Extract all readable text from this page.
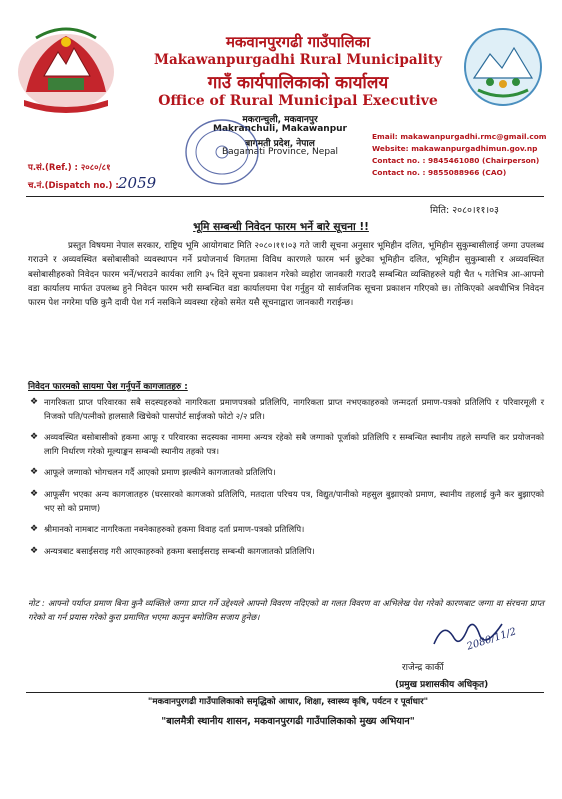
मकवानपुरगढी गाउँपालिका
Makawanpurgadhi Rural Municipality
गाउँ कार्यपालिकाको कार्यालय
Office of Rural Municipal Executive
मकरान्चुली, मकवानपुर
Makranchuli, Makawanpur
बागमती प्रदेश, नेपाल
Bagamati Province, Nepal
Email: makawanpurgadhi.rmc@gmail.com
Website: makawanpurgadhimun.gov.np
Contact no. : 9845461080 (Chairperson)
Contact no. : 9855088966 (CAO)
प.सं.(Ref.) : २०८०/८१
च.नं.(Dispatch no.) : 2059
मिति: २०८०।११।०३
भूमि सम्बन्धी निवेदन फारम भर्ने बारे सूचना !!
प्रस्तुत विषयमा नेपाल सरकार, राष्ट्रिय भूमि आयोगबाट मिति २०८०।११।०३ गते जारी सूचना अनुसार भूमिहीन दलित, भूमिहीन सुकुम्बासीलाई जग्गा उपलब्ध गराउने र अव्यवस्थित बसोबासीको व्यवस्थापन गर्ने प्रयोजनार्थ विगतमा विविध कारणले फारम भर्न छुटेका भूमिहीन दलित, भूमिहीन सुकुम्बासी र अव्यवस्थित बसोबासीहरुको निवेदन फारम भर्ने/भराउने कार्यका लागि ३५ दिने सूचना प्रकाशन गरेको व्यहोरा जानकारी गराउदै सम्बन्धित व्यक्तिहरुले यही चैत ५ गतेभित्र आ-आफ्नो वडा कार्यालय मार्फत उपलब्ध हुने निवेदन फारम भरी सम्बन्धित वडा कार्यालयमा पेश गर्नुहुन यो सार्वजनिक सूचना प्रकाशन गरिएको छ। तोकिएको अवधीभित्र निवेदन फारम पेश नगरेमा पछि कुनै दावी पेश गर्न नसकिने व्यवस्था रहेको समेत यसै सूचनाद्वारा जानकारी गराईन्छ।
निवेदन फारमको सायमा पेश गर्नुपर्ने कागजातहरु :
❖ नागरिकता प्राप्त परिवारका सबै सदस्यहरुको नागरिकता प्रमाणपत्रको प्रतिलिपि, नागरिकता प्राप्त नभएकाहरुको जन्मदर्ता प्रमाण-पत्रको प्रतिलिपि र परिवारमूली र निजको पति/पत्नीको हालसालै खिचेको पासपोर्ट साईजको फोटो २/२ प्रति।
❖ अव्यवस्थित बसोबासीको हकमा आफू र परिवारका सदस्यका नाममा अन्यत्र रहेको सबै जग्गाको पूर्जाको प्रतिलिपि र सम्बन्धित स्थानीय तहले सम्पत्ति कर प्रयोजनको लागि निर्धारण गरेको मूल्याङ्कन सम्बन्धी स्थानीय तहको पत्र।
❖ आफूले जग्गाको भोगचलन गर्दै आएको प्रमाण झल्कीने कागजातको प्रतिलिपि।
❖ आफूसँग भएका अन्य कागजातहरु (घरसारको कागजको प्रतिलिपि, मतदाता परिचय पत्र, विद्युत/पानीको महसुल बुझाएको प्रमाण, स्थानीय तहलाई कुनै कर बुझाएको भए सो को प्रमाण)
❖ श्रीमानको नामबाट नागरिकता नबनेकाहरुको हकमा विवाह दर्ता प्रमाण-पत्रको प्रतिलिपि।
❖ अन्यत्रबाट बसाईसराइ गरी आएकाहरुको हकमा बसाईसराइ सम्बन्धी कागजातको प्रतिलिपि।
नोट : आफ्नो पर्याप्त प्रमाण बिना कुनै व्यक्तिले जग्गा प्राप्त गर्ने उद्देश्यले आफ्नो विवरण नदिएको वा गलत विवरण वा अभिलेख पेश गरेको कारणबाट जग्गा वा संरचना प्राप्त गरेको वा गर्न प्रयास गरेको कुरा प्रमाणित भएमा कानुन बमोजिम सजाय हुनेछ।
2080/11/2
राजेन्द्र कार्की
(प्रमुख प्रशासकीय अधिकृत)
"मकवानपुरगढी गाउँपालिकाको समृद्धिको आधार, शिक्षा, स्वास्थ्य कृषि, पर्यटन र पूर्वाधार"
"बालमैत्री स्थानीय शासन, मकवानपुरगढी गाउँपालिकाको मुख्य अभियान"
